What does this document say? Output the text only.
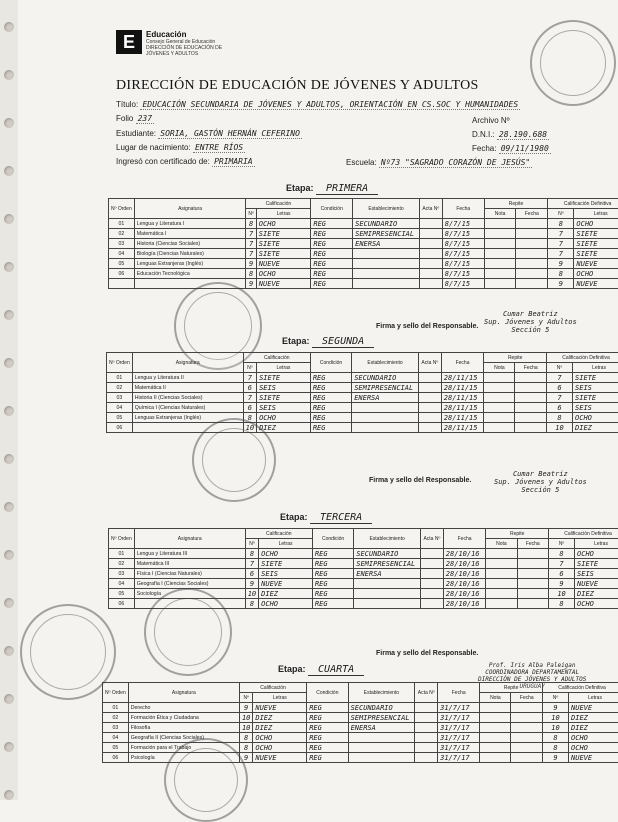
E	Educación
Consejo General de Educación DIRECCIÓN DE EDUCACIÓN DE JÓVENES Y ADULTOS
DIRECCIÓN DE EDUCACIÓN DE JÓVENES Y ADULTOS
Título: EDUCACIÓN SECUNDARIA DE JÓVENES Y ADULTOS, ORIENTACIÓN EN CS.SOC Y HUMANIDADES
Folio 237	Archivo Nº
Estudiante: SORIA, GASTÓN HERNÁN CEFERINO	D.N.I.: 28.190.688
Lugar de nacimiento: ENTRE RÍOS	Fecha: 09/11/1980
Ingresó con certificado de: PRIMARIA	Escuela: Nº73 "SAGRADO CORAZÓN DE JESÚS"
Etapa: PRIMERA
Nº Orden	Asignatura	Calificación		Condición	Establecimiento	Acta Nº	Fecha	Repite		Calificación Definitiva	
		Nº	Letras					Nota	Fecha	Nº	Letras
01	Lengua y Literatura I	8	OCHO	REG	SECUNDARIO		8/7/15			8	OCHO
02	Matemática I	7	SIETE	REG	SEMIPRESENCIAL		8/7/15			7	SIETE
03	Historia (Ciencias Sociales)	7	SIETE	REG	ENERSA		8/7/15			7	SIETE
04	Biología (Ciencias Naturales)	7	SIETE	REG			8/7/15			7	SIETE
05	Lenguas Extranjeras (Inglés)	9	NUEVE	REG			8/7/15			9	NUEVE
06	Educación Tecnológica	8	OCHO	REG			8/7/15			8	OCHO
		9	NUEVE	REG			8/7/15			9	NUEVE
Firma y sello del Responsable.
Cumar Beatriz
Sup. Jóvenes y Adultos
Sección 5
Etapa: SEGUNDA
Nº Orden	Asignatura	Calificación		Condición	Establecimiento	Acta Nº	Fecha	Repite		Calificación Definitiva	
		Nº	Letras					Nota	Fecha	Nº	Letras
01	Lengua y Literatura II	7	SIETE	REG	SECUNDARIO		28/11/15			7	SIETE
02	Matemática II	6	SEIS	REG	SEMIPRESENCIAL		28/11/15			6	SEIS
03	Historia II (Ciencias Sociales)	7	SIETE	REG	ENERSA		28/11/15			7	SIETE
04	Química I (Ciencias Naturales)	6	SEIS	REG			28/11/15			6	SEIS
05	Lenguas Extranjeras (Inglés)	8	OCHO	REG			28/11/15			8	OCHO
06		10	DIEZ	REG			28/11/15			10	DIEZ
Firma y sello del Responsable.
Cumar Beatriz
Sup. Jóvenes y Adultos
Sección 5
Etapa: TERCERA
Nº Orden	Asignatura	Calificación		Condición	Establecimiento	Acta Nº	Fecha	Repite		Calificación Definitiva	
		Nº	Letras					Nota	Fecha	Nº	Letras
01	Lengua y Literatura III	8	OCHO	REG	SECUNDARIO		28/10/16			8	OCHO
02	Matemática III	7	SIETE	REG	SEMIPRESENCIAL		28/10/16			7	SIETE
03	Física I (Ciencias Naturales)	6	SEIS	REG	ENERSA		28/10/16			6	SEIS
04	Geografía I (Ciencias Sociales)	9	NUEVE	REG			28/10/16			9	NUEVE
05	Sociología	10	DIEZ	REG			28/10/16			10	DIEZ
06		8	OCHO	REG			28/10/16			8	OCHO
Firma y sello del Responsable.
Prof. Iris Alba Paleigan
COORDINADORA DEPARTAMENTAL
DIRECCIÓN DE JÓVENES Y ADULTOS
URUGUAY
Etapa: CUARTA
Nº Orden	Asignatura	Calificación		Condición	Establecimiento	Acta Nº	Fecha	Repite		Calificación Definitiva	
		Nº	Letras					Nota	Fecha	Nº	Letras
01	Derecho	9	NUEVE	REG	SECUNDARIO		31/7/17			9	NUEVE
02	Formación Ética y Ciudadana	10	DIEZ	REG	SEMIPRESENCIAL		31/7/17			10	DIEZ
03	Filosofía	10	DIEZ	REG	ENERSA		31/7/17			10	DIEZ
04	Geografía II (Ciencias Sociales)	8	OCHO	REG			31/7/17			8	OCHO
05	Formación para el Trabajo	8	OCHO	REG			31/7/17			8	OCHO
06	Psicología	9	NUEVE	REG			31/7/17			9	NUEVE
